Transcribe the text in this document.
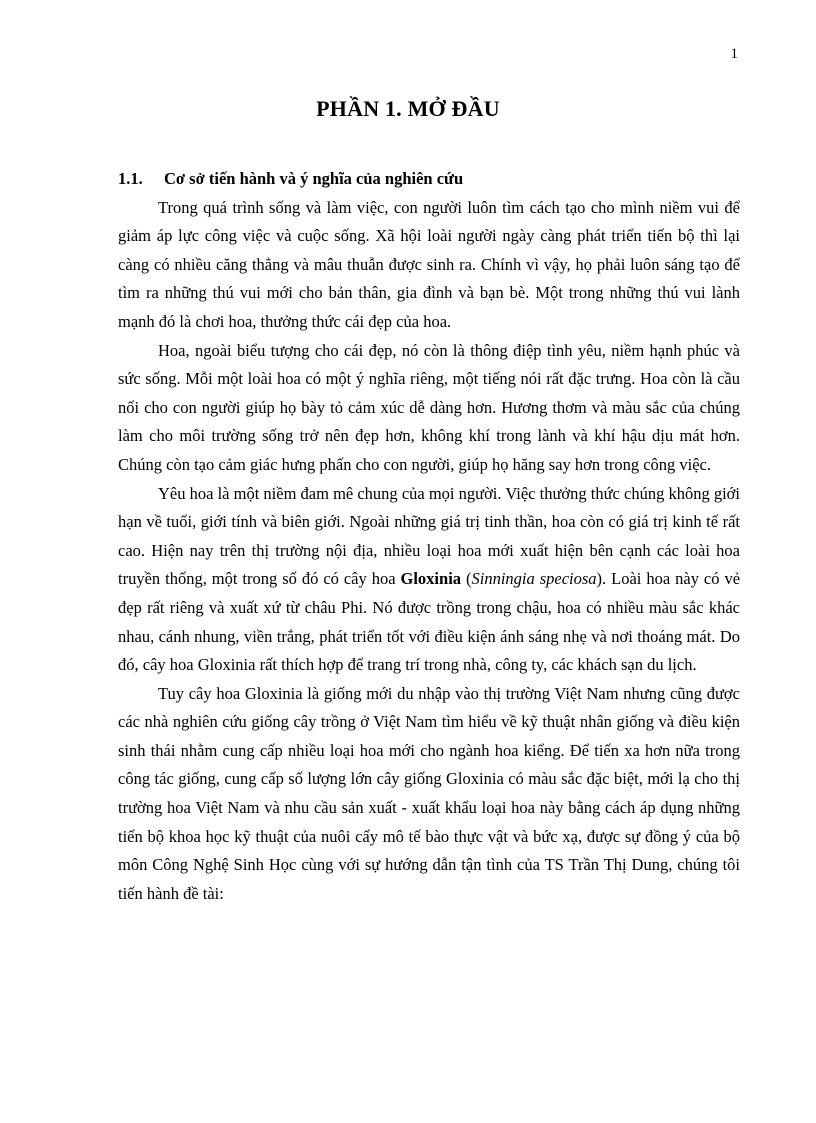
1
PHẦN 1. MỞ ĐẦU

1.1.	Cơ sở tiến hành và ý nghĩa của nghiên cứu

Trong quá trình sống và làm việc, con người luôn tìm cách tạo cho mình niềm vui để giảm áp lực công việc và cuộc sống. Xã hội loài người ngày càng phát triển tiến bộ thì lại càng có nhiều căng thẳng và mâu thuẫn được sinh ra. Chính vì vậy, họ phải luôn sáng tạo để tìm ra những thú vui mới cho bản thân, gia đình và bạn bè. Một trong những thú vui lành mạnh đó là chơi hoa, thưởng thức cái đẹp của hoa.

Hoa, ngoài biểu tượng cho cái đẹp, nó còn là thông điệp tình yêu, niềm hạnh phúc và sức sống. Mỗi một loài hoa có một ý nghĩa riêng, một tiếng nói rất đặc trưng. Hoa còn là cầu nối cho con người giúp họ bày tỏ cảm xúc dễ dàng hơn. Hương thơm và màu sắc của chúng làm cho môi trường sống trở nên đẹp hơn, không khí trong lành và khí hậu dịu mát hơn. Chúng còn tạo cảm giác hưng phấn cho con người, giúp họ hăng say hơn trong công việc.

Yêu hoa là một niềm đam mê chung của mọi người. Việc thưởng thức chúng không giới hạn về tuổi, giới tính và biên giới. Ngoài những giá trị tinh thần, hoa còn có giá trị kinh tế rất cao. Hiện nay trên thị trường nội địa, nhiều loại hoa mới xuất hiện bên cạnh các loài hoa truyền thống, một trong số đó có cây hoa Gloxinia (Sinningia speciosa). Loài hoa này có vẻ đẹp rất riêng và xuất xứ từ châu Phi. Nó được trồng trong chậu, hoa có nhiều màu sắc khác nhau, cánh nhung, viền trắng, phát triển tốt với điều kiện ánh sáng nhẹ và nơi thoáng mát. Do đó, cây hoa Gloxinia rất thích hợp để trang trí trong nhà, công ty, các khách sạn du lịch.

Tuy cây hoa Gloxinia là giống mới du nhập vào thị trường Việt Nam nhưng cũng được các nhà nghiên cứu giống cây trồng ở Việt Nam tìm hiểu về kỹ thuật nhân giống và điều kiện sinh thái nhằm cung cấp nhiều loại hoa mới cho ngành hoa kiểng. Để tiến xa hơn nữa trong công tác giống, cung cấp số lượng lớn cây giống Gloxinia có màu sắc đặc biệt, mới lạ cho thị trường hoa Việt Nam và nhu cầu sản xuất - xuất khẩu loại hoa này bằng cách áp dụng những tiến bộ khoa học kỹ thuật của nuôi cấy mô tế bào thực vật và bức xạ, được sự đồng ý của bộ môn Công Nghệ Sinh Học cùng với sự hướng dẫn tận tình của TS Trần Thị Dung, chúng tôi tiến hành đề tài:
